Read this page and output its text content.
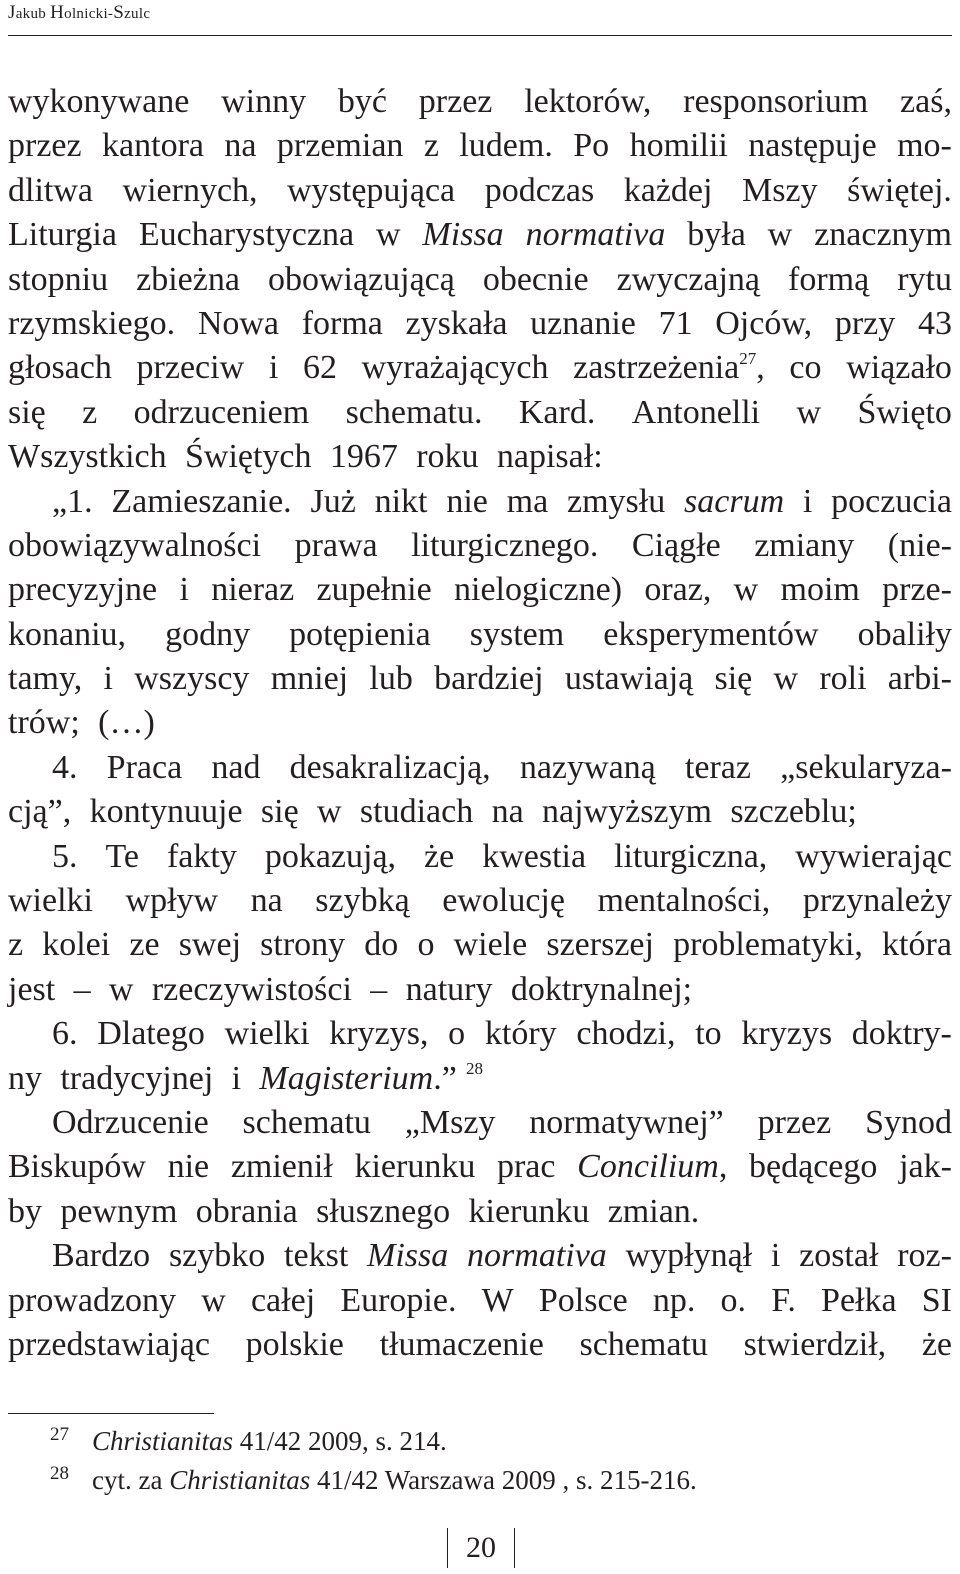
Jakub Holnicki-Szulc
wykonywane winny być przez lektorów, responsorium zaś,
przez kantora na przemian z ludem. Po homilii następuje mo-
dlitwa wiernych, występująca podczas każdej Mszy świętej.
Liturgia Eucharystyczna w Missa normativa była w znacznym
stopniu zbieżna obowiązującą obecnie zwyczajną formą rytu
rzymskiego. Nowa forma zyskała uznanie 71 Ojców, przy 43
głosach przeciw i 62 wyrażających zastrzeżenia$^{27}$, co wiązało
się z odrzuceniem schematu. Kard. Antonelli w Święto
Wszystkich Świętych 1967 roku napisał:
„1. Zamieszanie. Już nikt nie ma zmysłu sacrum i poczucia
obowiązywalności prawa liturgicznego. Ciągłe zmiany (nie-
precyzyjne i nieraz zupełnie nielogiczne) oraz, w moim prze-
konaniu, godny potępienia system eksperymentów obaliły
tamy, i wszyscy mniej lub bardziej ustawiają się w roli arbi-
trów; (…)
4. Praca nad desakralizacją, nazywaną teraz „sekularyza-
cją”, kontynuuje się w studiach na najwyższym szczeblu;
5. Te fakty pokazują, że kwestia liturgiczna, wywierając
wielki wpływ na szybką ewolucję mentalności, przynależy
z kolei ze swej strony do o wiele szerszej problematyki, która
jest – w rzeczywistości – natury doktrynalnej;
6. Dlatego wielki kryzys, o który chodzi, to kryzys doktry-
ny tradycyjnej i Magisterium.” $^{28}$
Odrzucenie schematu „Mszy normatywnej” przez Synod
Biskupów nie zmienił kierunku prac Concilium, będącego jak-
by pewnym obrania słusznego kierunku zmian.
Bardzo szybko tekst Missa normativa wypłynął i został roz-
prowadzony w całej Europie. W Polsce np. o. F. Pełka SI
przedstawiając polskie tłumaczenie schematu stwierdził, że
27 Christianitas 41/42 2009, s. 214.
28 cyt. za Christianitas 41/42 Warszawa 2009 , s. 215-216.
20
